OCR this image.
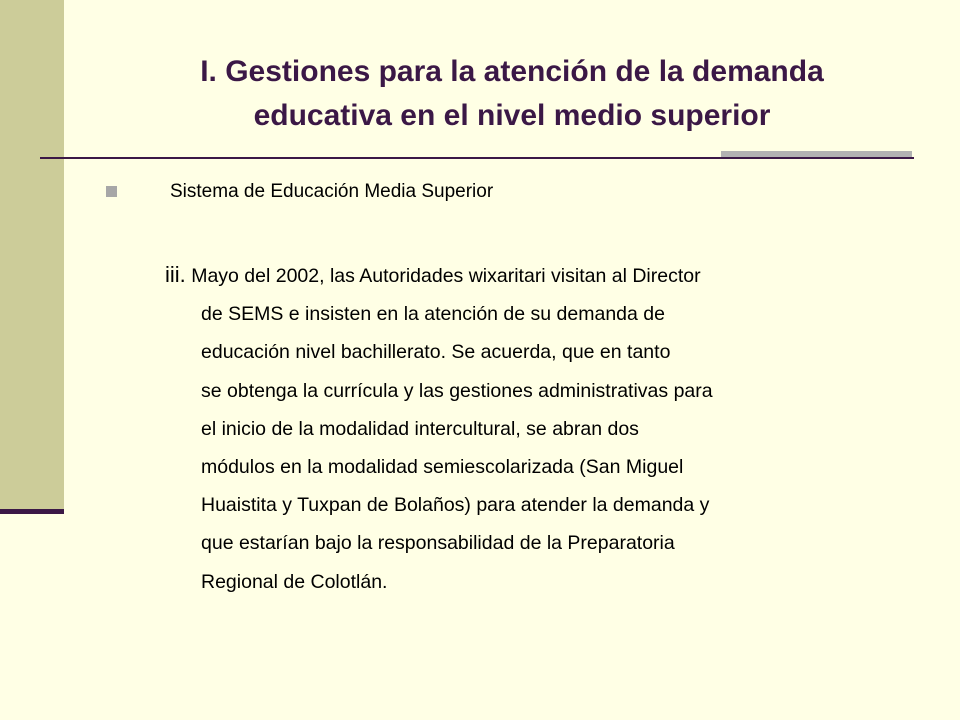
I. Gestiones para la atención de la demanda
educativa en el nivel medio superior

Sistema de Educación Media Superior

iii. Mayo del 2002, las Autoridades wixaritari visitan al Director
de SEMS e insisten en la atención de su demanda de
educación nivel bachillerato. Se acuerda, que en tanto
se obtenga la currícula y las gestiones administrativas para
el inicio de la modalidad intercultural, se abran dos
módulos en la modalidad semiescolarizada (San Miguel
Huaistita y Tuxpan de Bolaños) para atender la demanda y
que estarían bajo la responsabilidad de la Preparatoria
Regional de Colotlán.
